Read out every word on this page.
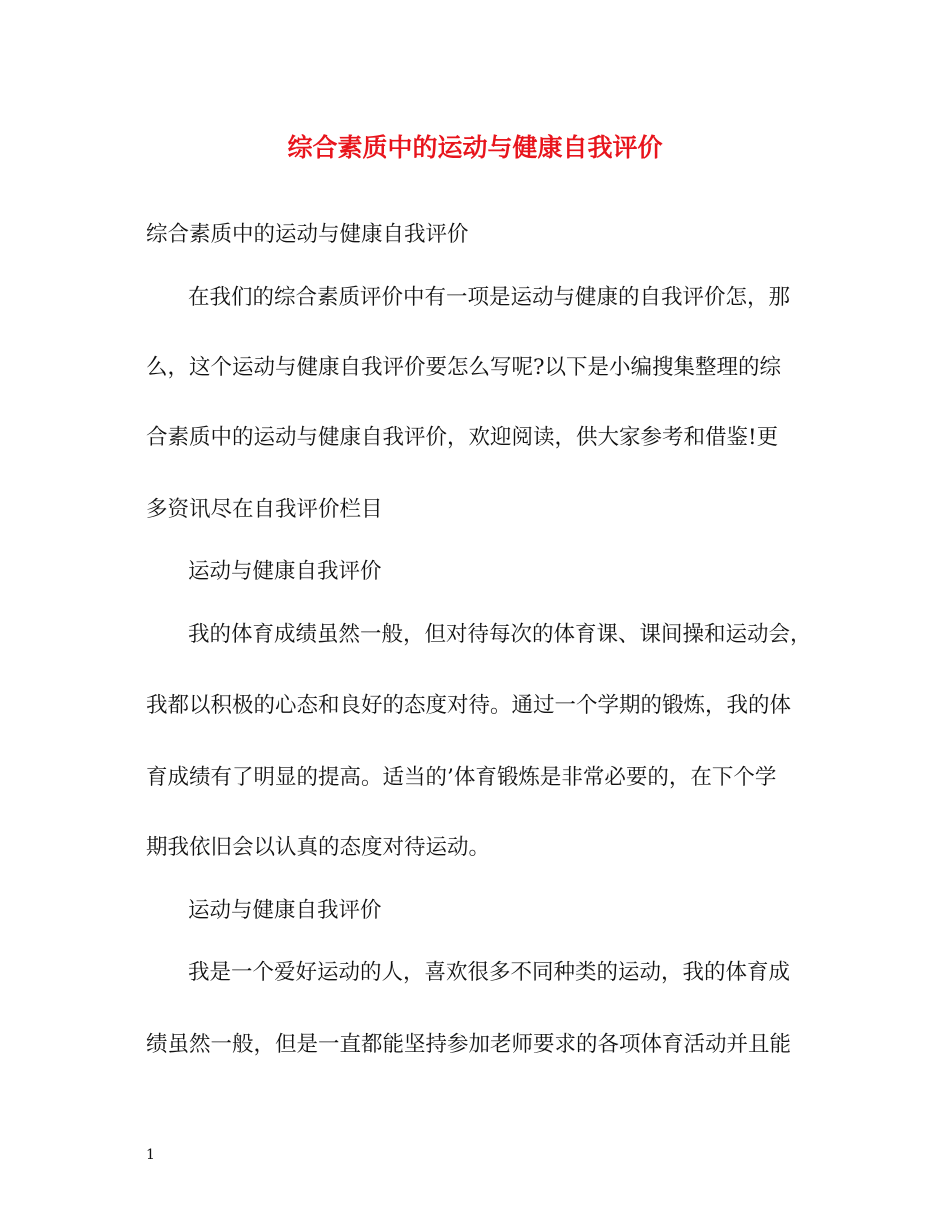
综合素质中的运动与健康自我评价
综合素质中的运动与健康自我评价
在我们的综合素质评价中有一项是运动与健康的自我评价怎，那
么，这个运动与健康自我评价要怎么写呢?以下是小编搜集整理的综
合素质中的运动与健康自我评价，欢迎阅读，供大家参考和借鉴!更
多资讯尽在自我评价栏目
运动与健康自我评价
我的体育成绩虽然一般，但对待每次的体育课、课间操和运动会，
我都以积极的心态和良好的态度对待。通过一个学期的锻炼，我的体
育成绩有了明显的提高。适当的’体育锻炼是非常必要的，在下个学
期我依旧会以认真的态度对待运动。
运动与健康自我评价
我是一个爱好运动的人，喜欢很多不同种类的运动，我的体育成
绩虽然一般，但是一直都能坚持参加老师要求的各项体育活动并且能
1
